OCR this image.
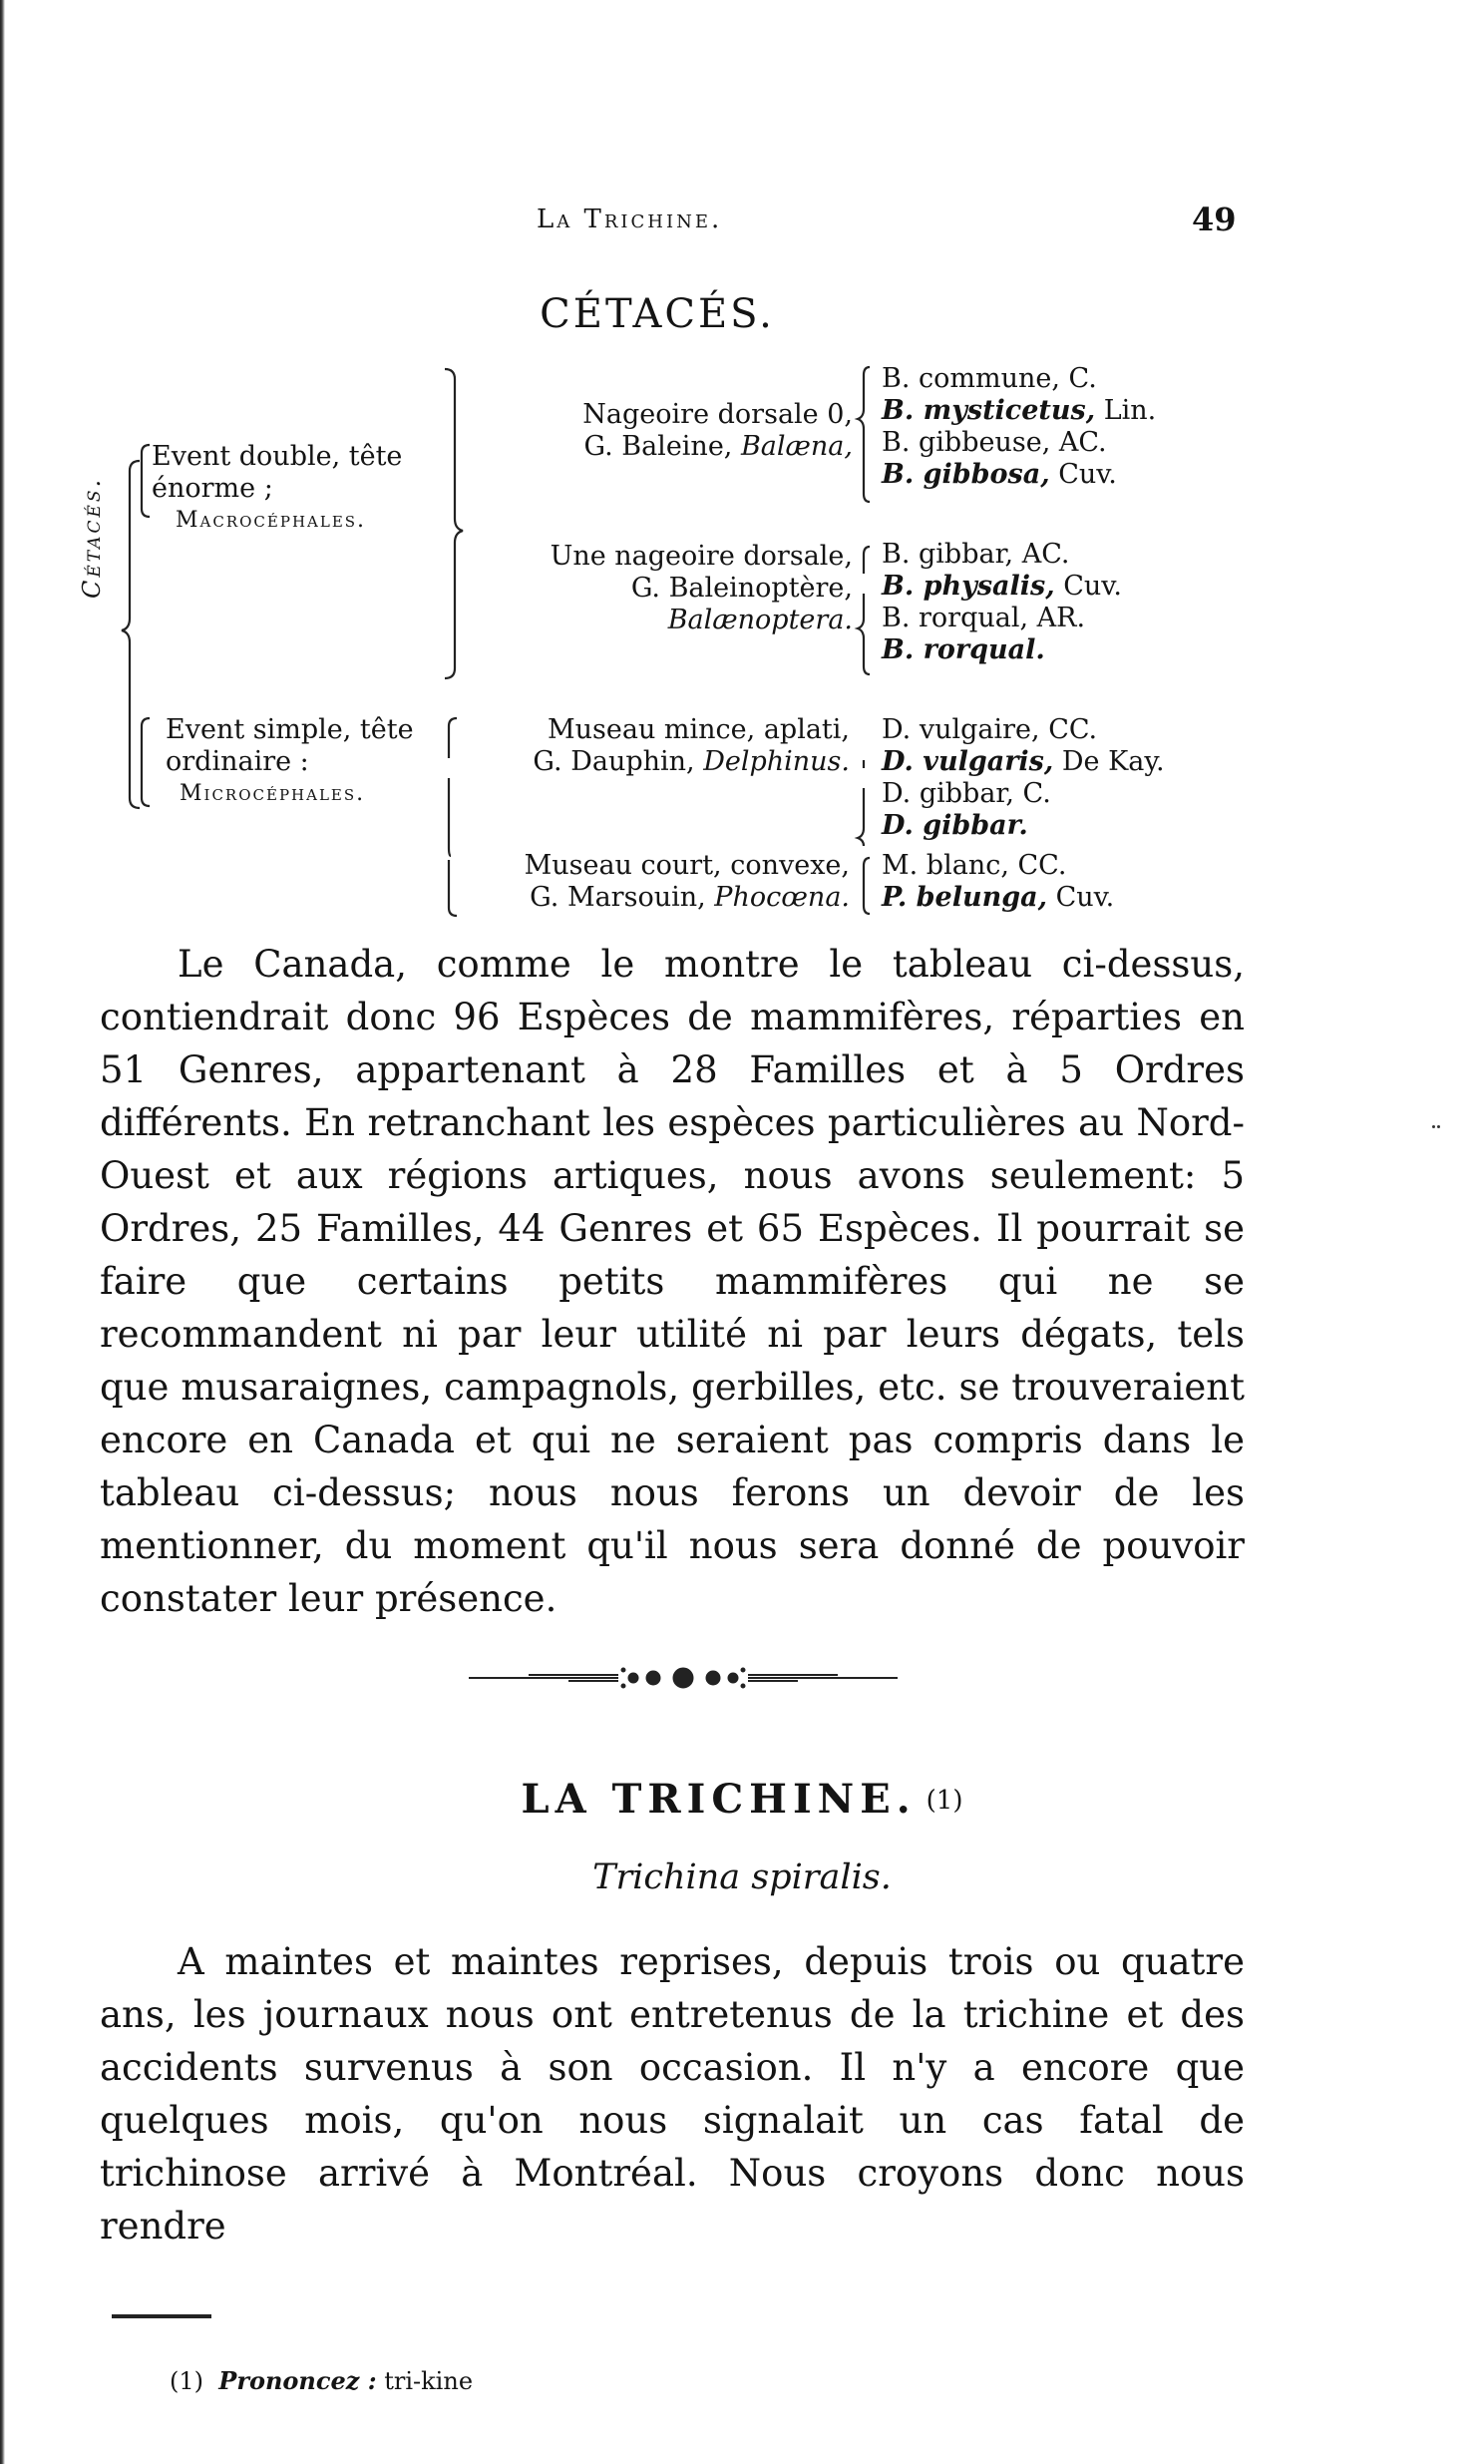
La Trichine.	49
CÉTACÉS.
Cétacés.
Event double, tête
énorme ;
Macrocéphales.
Event simple, tête
ordinaire :
Microcéphales.
Nageoire dorsale 0,
G. Baleine, Balæna,
Une nageoire dorsale,
G. Baleinoptère,
Balænoptera.
Museau mince, aplati,
G. Dauphin, Delphinus.
Museau court, convexe,
G. Marsouin, Phocœna.
B. commune, C.
B. mysticetus, Lin.
B. gibbeuse, AC.
B. gibbosa, Cuv.
B. gibbar, AC.
B. physalis, Cuv.
B. rorqual, AR.
B. rorqual.
D. vulgaire, CC.
D. vulgaris, De Kay.
D. gibbar, C.
D. gibbar.
M. blanc, CC.
P. belunga, Cuv.

Le Canada, comme le montre le tableau ci-dessus, contiendrait donc 96 Espèces de mammifères, réparties en 51 Genres, appartenant à 28 Familles et à 5 Ordres différents. En retranchant les espèces particulières au Nord-Ouest et aux régions artiques, nous avons seulement: 5 Ordres, 25 Familles, 44 Genres et 65 Espèces. Il pourrait se faire que certains petits mammifères qui ne se recommandent ni par leur utilité ni par leurs dégats, tels que musaraignes, campagnols, gerbilles, etc. se trouveraient encore en Canada et qui ne seraient pas compris dans le tableau ci-dessus; nous nous ferons un devoir de les mentionner, du moment qu'il nous sera donné de pouvoir constater leur présence.

LA TRICHINE. (1)
Trichina spiralis.

A maintes et maintes reprises, depuis trois ou quatre ans, les journaux nous ont entretenus de la trichine et des accidents survenus à son occasion. Il n'y a encore que quelques mois, qu'on nous signalait un cas fatal de trichinose arrivé à Montréal. Nous croyons donc nous rendre

(1) Prononcez : tri-kine
